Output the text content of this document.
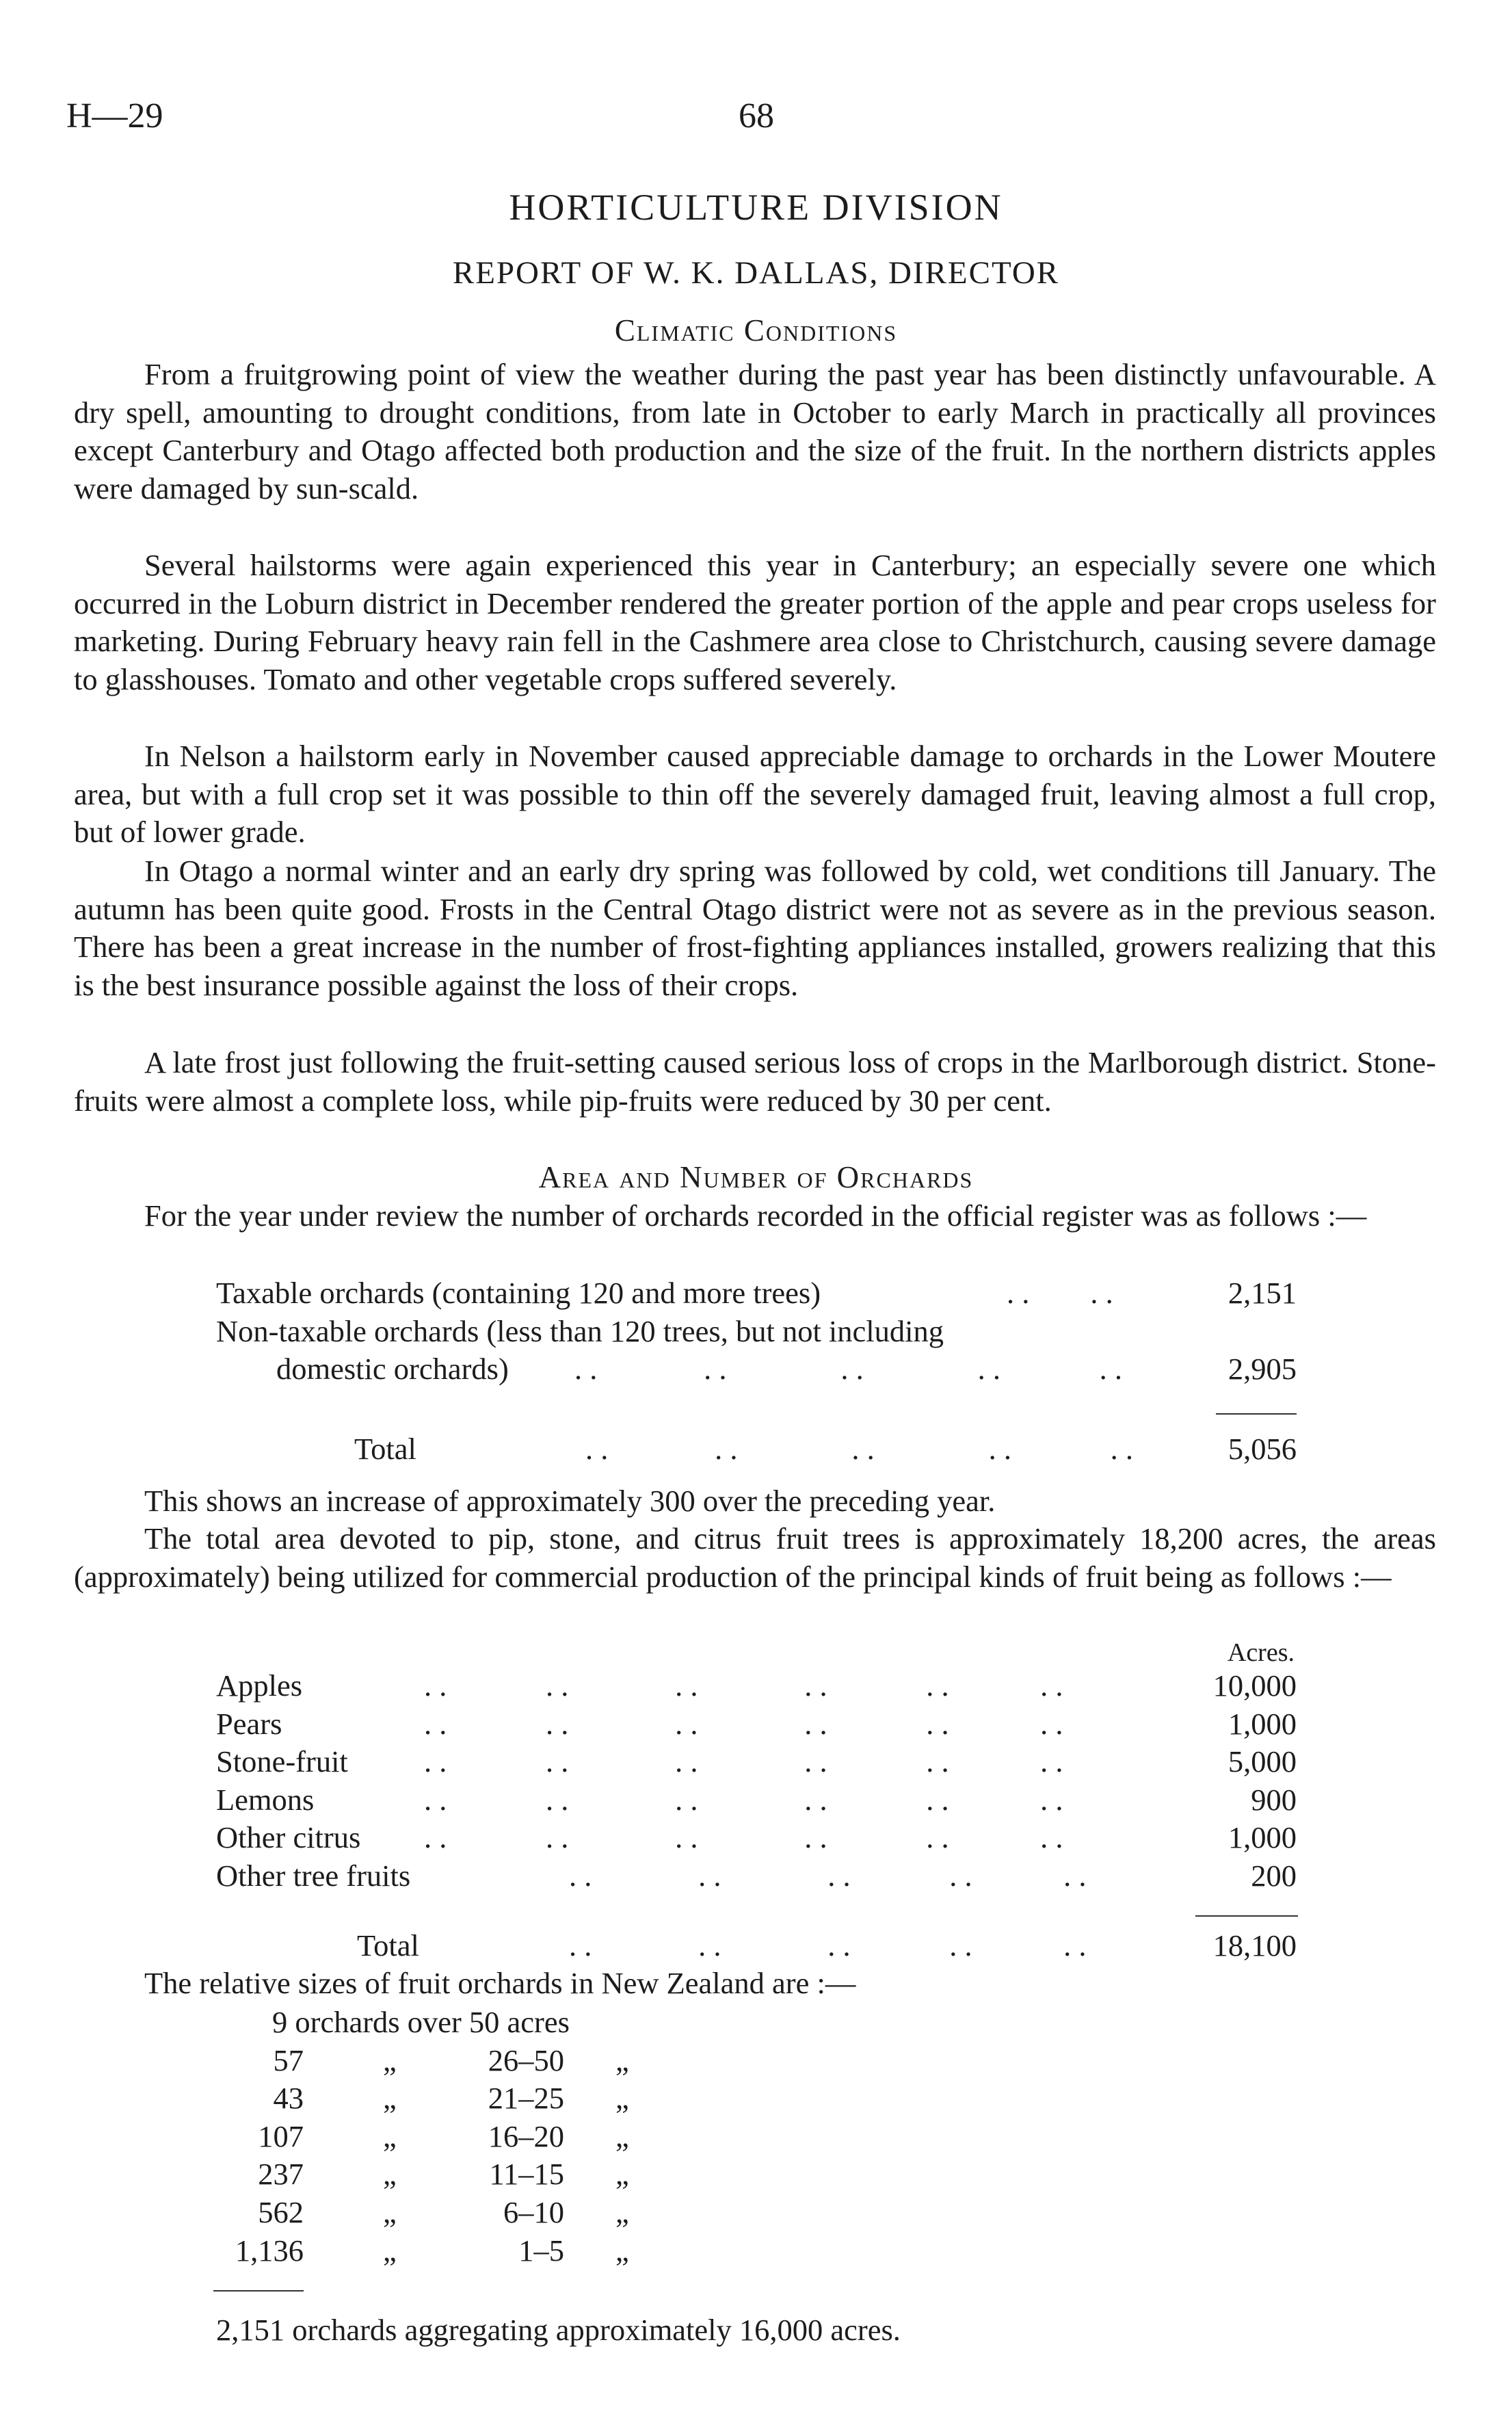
H—29	68
HORTICULTURE DIVISION
REPORT OF W. K. DALLAS, DIRECTOR
Climatic Conditions

From a fruitgrowing point of view the weather during the past year has been distinctly unfavourable. A dry spell, amounting to drought conditions, from late in October to early March in practically all provinces except Canterbury and Otago affected both production and the size of the fruit. In the northern districts apples were damaged by sun-scald.

Several hailstorms were again experienced this year in Canterbury; an especially severe one which occurred in the Loburn district in December rendered the greater portion of the apple and pear crops useless for marketing. During February heavy rain fell in the Cashmere area close to Christchurch, causing severe damage to glasshouses. Tomato and other vegetable crops suffered severely.

In Nelson a hailstorm early in November caused appreciable damage to orchards in the Lower Moutere area, but with a full crop set it was possible to thin off the severely damaged fruit, leaving almost a full crop, but of lower grade.

In Otago a normal winter and an early dry spring was followed by cold, wet conditions till January. The autumn has been quite good. Frosts in the Central Otago district were not as severe as in the previous season. There has been a great increase in the number of frost-fighting appliances installed, growers realizing that this is the best insurance possible against the loss of their crops.

A late frost just following the fruit-setting caused serious loss of crops in the Marlborough district. Stone-fruits were almost a complete loss, while pip-fruits were reduced by 30 per cent.

Area and Number of Orchards

For the year under review the number of orchards recorded in the official register was as follows :—

Taxable orchards (containing 120 and more trees)	. .        . .	2,151
Non-taxable orchards (less than 120 trees, but not including
domestic orchards) . .              . .               . .               . .             . .	2,905
Total	. .              . .               . .               . .             . .	5,056

This shows an increase of approximately 300 over the preceding year.

The total area devoted to pip, stone, and citrus fruit trees is approximately 18,200 acres, the areas (approximately) being utilized for commercial production of the principal kinds of fruit being as follows :—

Acres.
Apples	. .             . .              . .              . .             . .            . .	10,000
Pears	. .             . .              . .              . .             . .            . .	1,000
Stone-fruit . .             . .              . .              . .             . .            . .	5,000
Lemons	. .             . .              . .              . .             . .            . .	900
Other citrus . .             . .              . .              . .             . .            . .	1,000
Other tree fruits	. .              . .              . .             . .            . .	200
Total	. .              . .              . .             . .            . .	18,100
The relative sizes of fruit orchards in New Zealand are :—
9 orchards over 50 acres
57	„	26–50 „
43	„	21–25 „
107	„	16–20 „
237	„	11–15 „
562	„	6–10 „
1,136	„	1–5 „
2,151 orchards aggregating approximately 16,000 acres.
